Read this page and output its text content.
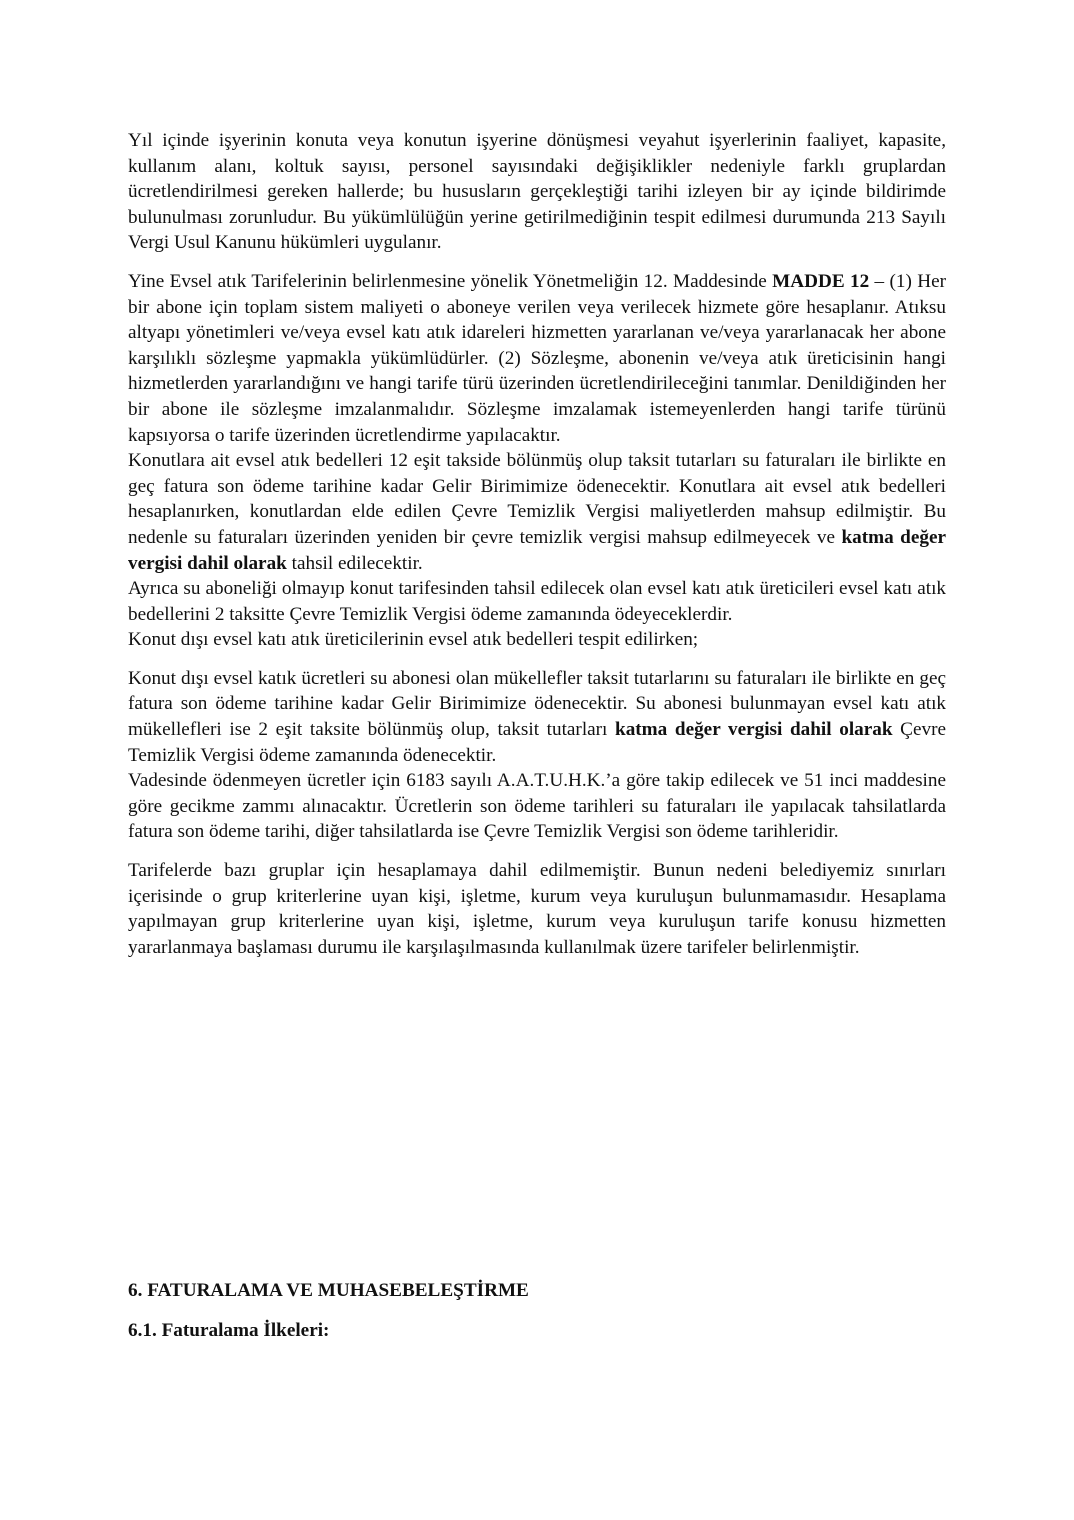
Yıl içinde işyerinin konuta veya konutun işyerine dönüşmesi veyahut işyerlerinin faaliyet, kapasite, kullanım alanı, koltuk sayısı, personel sayısındaki değişiklikler nedeniyle farklı gruplardan ücretlendirilmesi gereken hallerde; bu hususların gerçekleştiği tarihi izleyen bir ay içinde bildirimde bulunulması zorunludur. Bu yükümlülüğün yerine getirilmediğinin tespit edilmesi durumunda 213 Sayılı Vergi Usul Kanunu hükümleri uygulanır.

Yine Evsel atık Tarifelerinin belirlenmesine yönelik Yönetmeliğin 12. Maddesinde MADDE 12 – (1) Her bir abone için toplam sistem maliyeti o aboneye verilen veya verilecek hizmete göre hesaplanır. Atıksu altyapı yönetimleri ve/veya evsel katı atık idareleri hizmetten yararlanan ve/veya yararlanacak her abone karşılıklı sözleşme yapmakla yükümlüdürler. (2) Sözleşme, abonenin ve/veya atık üreticisinin hangi hizmetlerden yararlandığını ve hangi tarife türü üzerinden ücretlendirileceğini tanımlar. Denildiğinden her bir abone ile sözleşme imzalanmalıdır. Sözleşme imzalamak istemeyenlerden hangi tarife türünü kapsıyorsa o tarife üzerinden ücretlendirme yapılacaktır.

Konutlara ait evsel atık bedelleri 12 eşit takside bölünmüş olup taksit tutarları su faturaları ile birlikte en geç fatura son ödeme tarihine kadar Gelir Birimimize ödenecektir. Konutlara ait evsel atık bedelleri hesaplanırken, konutlardan elde edilen Çevre Temizlik Vergisi maliyetlerden mahsup edilmiştir. Bu nedenle su faturaları üzerinden yeniden bir çevre temizlik vergisi mahsup edilmeyecek ve katma değer vergisi dahil olarak tahsil edilecektir.

Ayrıca su aboneliği olmayıp konut tarifesinden tahsil edilecek olan evsel katı atık üreticileri evsel katı atık bedellerini 2 taksitte Çevre Temizlik Vergisi ödeme zamanında ödeyeceklerdir.

Konut dışı evsel katı atık üreticilerinin evsel atık bedelleri tespit edilirken;

Konut dışı evsel katık ücretleri su abonesi olan mükellefler taksit tutarlarını su faturaları ile birlikte en geç fatura son ödeme tarihine kadar Gelir Birimimize ödenecektir. Su abonesi bulunmayan evsel katı atık mükellefleri ise 2 eşit taksite bölünmüş olup, taksit tutarları katma değer vergisi dahil olarak Çevre Temizlik Vergisi ödeme zamanında ödenecektir.

Vadesinde ödenmeyen ücretler için 6183 sayılı A.A.T.U.H.K.’a göre takip edilecek ve 51 inci maddesine göre gecikme zammı alınacaktır. Ücretlerin son ödeme tarihleri su faturaları ile yapılacak tahsilatlarda fatura son ödeme tarihi, diğer tahsilatlarda ise Çevre Temizlik Vergisi son ödeme tarihleridir.

Tarifelerde bazı gruplar için hesaplamaya dahil edilmemiştir. Bunun nedeni belediyemiz sınırları içerisinde o grup kriterlerine uyan kişi, işletme, kurum veya kuruluşun bulunmamasıdır. Hesaplama yapılmayan grup kriterlerine uyan kişi, işletme, kurum veya kuruluşun tarife konusu hizmetten yararlanmaya başlaması durumu ile karşılaşılmasında kullanılmak üzere tarifeler belirlenmiştir.

6. FATURALAMA VE MUHASEBELEŞTİRME
6.1. Faturalama İlkeleri:
